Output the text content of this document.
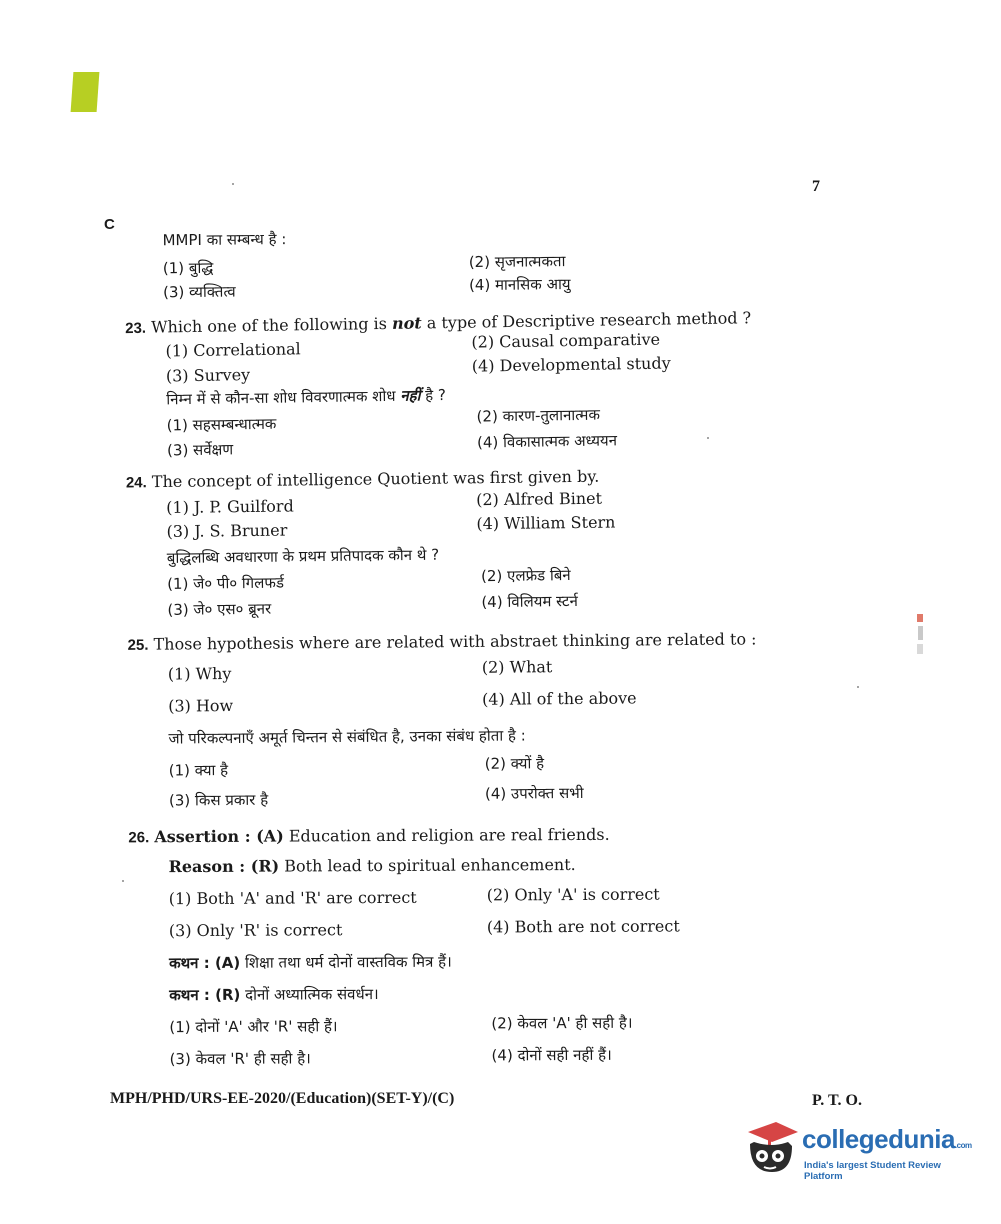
7
C
MMPI का सम्बन्ध है :
(1) बुद्धि	(2) सृजनात्मकता
(3) व्यक्तित्व	(4) मानसिक आयु
23. Which one of the following is not a type of Descriptive research method ?
(1) Correlational	(2) Causal comparative
(3) Survey	(4) Developmental study
निम्न में से कौन-सा शोध विवरणात्मक शोध नहीं है ?
(1) सहसम्बन्धात्मक	(2) कारण-तुलानात्मक
(3) सर्वेक्षण	(4) विकासात्मक अध्ययन
24. The concept of intelligence Quotient was first given by.
(1) J. P. Guilford	(2) Alfred Binet
(3) J. S. Bruner	(4) William Stern
बुद्धिलब्धि अवधारणा के प्रथम प्रतिपादक कौन थे ?
(1) जे० पी० गिलफर्ड	(2) एलफ्रेड बिने
(3) जे० एस० ब्रूनर	(4) विलियम स्टर्न
25. Those hypothesis where are related with abstraet thinking are related to :
(1) Why	(2) What
(3) How	(4) All of the above
जो परिकल्पनाएँ अमूर्त चिन्तन से संबंधित है, उनका संबंध होता है :
(1) क्या है	(2) क्यों है
(3) किस प्रकार है	(4) उपरोक्त सभी
26. Assertion : (A) Education and religion are real friends.
Reason : (R) Both lead to spiritual enhancement.
(1) Both 'A' and 'R' are correct	(2) Only 'A' is correct
(3) Only 'R' is correct	(4) Both are not correct
कथन : (A) शिक्षा तथा धर्म दोनों वास्तविक मित्र हैं।
कथन : (R) दोनों अध्यात्मिक संवर्धन।
(1) दोनों 'A' और 'R' सही हैं।	(2) केवल 'A' ही सही है।
(3) केवल 'R' ही सही है।	(4) दोनों सही नहीं हैं।
MPH/PHD/URS-EE-2020/(Education)(SET-Y)/(C)	P. T. O.
collegedunia.com
India's largest Student Review Platform
